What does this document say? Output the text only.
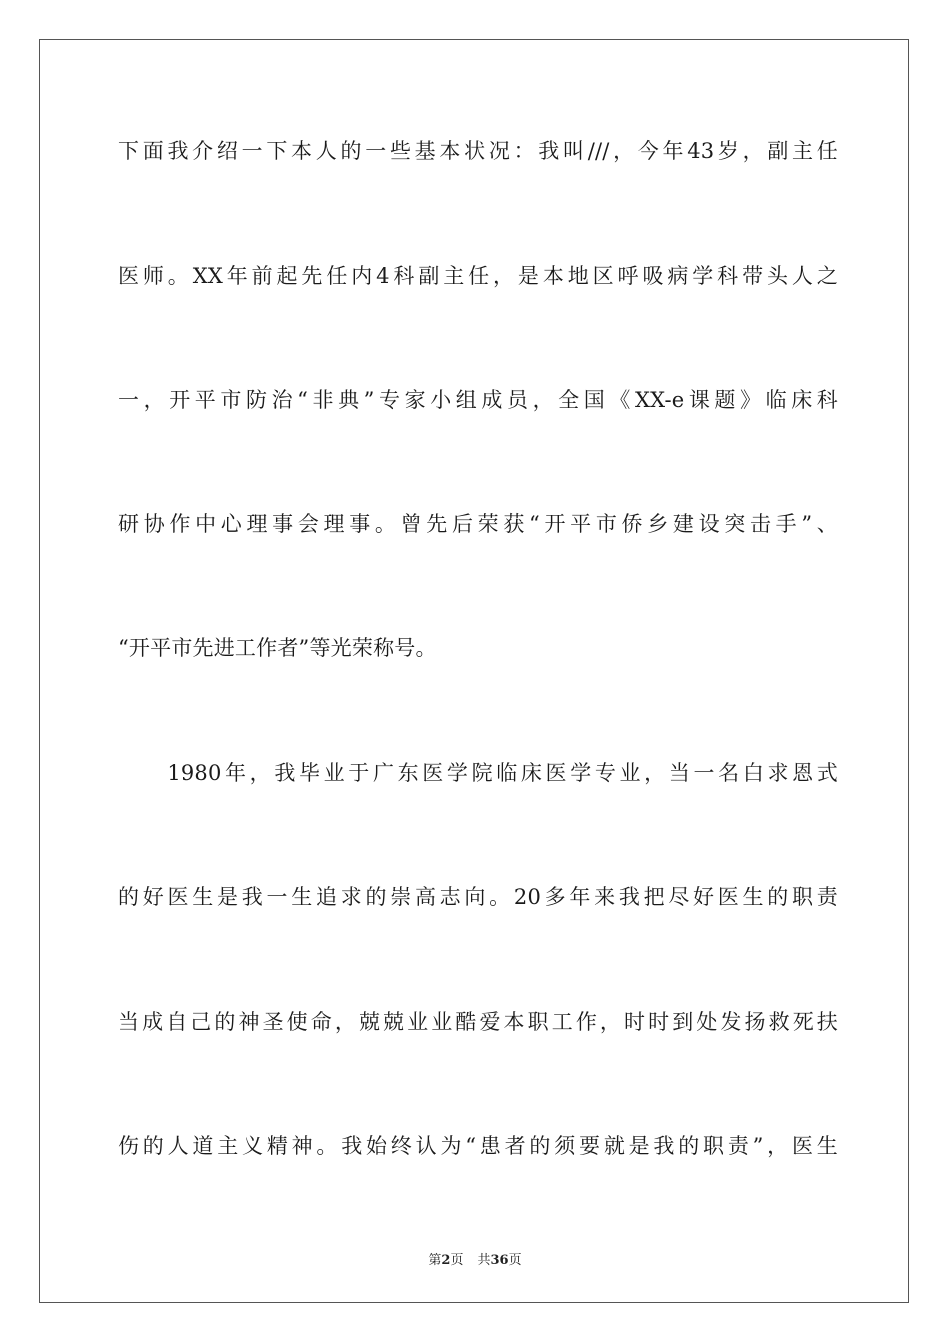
下面我介绍一下本人的一些基本状况：我叫///，今年43岁，副主任
医师。XX年前起先任内4科副主任，是本地区呼吸病学科带头人之
一，开平市防治“非典”专家小组成员，全国《XX-e课题》临床科
研协作中心理事会理事。曾先后荣获“开平市侨乡建设突击手”、
“开平市先进工作者”等光荣称号。
　　1980年，我毕业于广东医学院临床医学专业，当一名白求恩式
的好医生是我一生追求的崇高志向。20多年来我把尽好医生的职责
当成自己的神圣使命，兢兢业业酷爱本职工作，时时到处发扬救死扶
伤的人道主义精神。我始终认为“患者的须要就是我的职责”，医生
第2页 共36页
